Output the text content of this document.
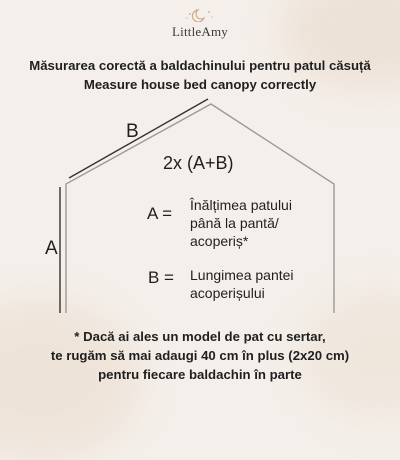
LittleAmy
Măsurarea corectă a baldachinului pentru patul căsuță
Measure house bed canopy correctly
B
A
2x (A+B)
A = Înălțimea patului
până la pantă/
acoperiș*
B = Lungimea pantei
acoperișului
* Dacă ai ales un model de pat cu sertar,
te rugăm să mai adaugi 40 cm în plus (2x20 cm)
pentru fiecare baldachin în parte
